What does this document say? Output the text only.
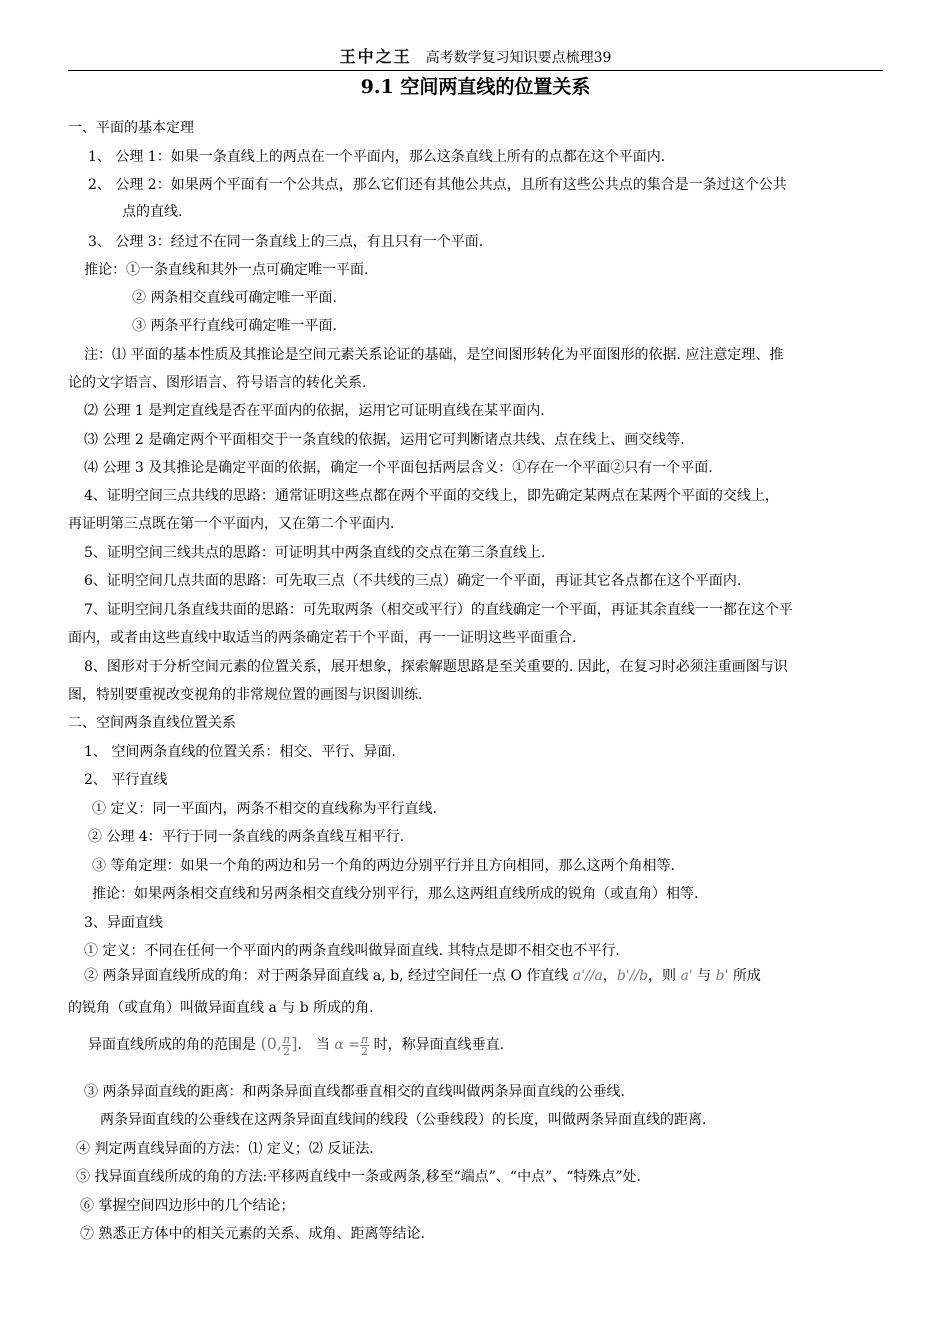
王中之王 高考数学复习知识要点梳理39
9.1 空间两直线的位置关系
一、平面的基本定理
1、 公理 1：如果一条直线上的两点在一个平面内，那么这条直线上所有的点都在这个平面内.
2、 公理 2：如果两个平面有一个公共点，那么它们还有其他公共点，且所有这些公共点的集合是一条过这个公共
点的直线.
3、 公理 3：经过不在同一条直线上的三点，有且只有一个平面.
推论：①一条直线和其外一点可确定唯一平面.
② 两条相交直线可确定唯一平面.
③ 两条平行直线可确定唯一平面.
注：⑴ 平面的基本性质及其推论是空间元素关系论证的基础，是空间图形转化为平面图形的依据. 应注意定理、推
论的文字语言、图形语言、符号语言的转化关系.
⑵ 公理 1 是判定直线是否在平面内的依据，运用它可证明直线在某平面内.
⑶ 公理 2 是确定两个平面相交于一条直线的依据，运用它可判断诸点共线、点在线上、画交线等.
⑷ 公理 3 及其推论是确定平面的依据，确定一个平面包括两层含义：①存在一个平面②只有一个平面.
4、证明空间三点共线的思路：通常证明这些点都在两个平面的交线上，即先确定某两点在某两个平面的交线上，
再证明第三点既在第一个平面内，又在第二个平面内.
5、证明空间三线共点的思路：可证明其中两条直线的交点在第三条直线上.
6、证明空间几点共面的思路：可先取三点（不共线的三点）确定一个平面，再证其它各点都在这个平面内.
7、证明空间几条直线共面的思路：可先取两条（相交或平行）的直线确定一个平面，再证其余直线一一都在这个平
面内，或者由这些直线中取适当的两条确定若干个平面，再一一证明这些平面重合.
8、图形对于分析空间元素的位置关系，展开想象，探索解题思路是至关重要的. 因此，在复习时必须注重画图与识
图，特别要重视改变视角的非常规位置的画图与识图训练.
二、空间两条直线位置关系
1、 空间两条直线的位置关系：相交、平行、异面.
2、 平行直线
① 定义：同一平面内，两条不相交的直线称为平行直线.
② 公理 4：平行于同一条直线的两条直线互相平行.
③ 等角定理：如果一个角的两边和另一个角的两边分别平行并且方向相同，那么这两个角相等.
推论：如果两条相交直线和另两条相交直线分别平行，那么这两组直线所成的锐角（或直角）相等.
3、异面直线
① 定义：不同在任何一个平面内的两条直线叫做异面直线. 其特点是即不相交也不平行.
的锐角（或直角）叫做异面直线 a 与 b 所成的角.
③ 两条异面直线的距离：和两条异面直线都垂直相交的直线叫做两条异面直线的公垂线.
两条异面直线的公垂线在这两条异面直线间的线段（公垂线段）的长度，叫做两条异面直线的距离.
④ 判定两直线异面的方法：⑴ 定义；⑵ 反证法.
⑤ 找异面直线所成的角的方法:平移两直线中一条或两条,移至“端点”、“中点”、“特殊点”处.
⑥ 掌握空间四边形中的几个结论；
⑦ 熟悉正方体中的相关元素的关系、成角、距离等结论.
② 两条异面直线所成的角：对于两条异面直线 a, b, 经过空间任一点 O 作直线 a'//a，b'//b，则 a' 与 b' 所成
异面直线所成的角的范围是 (0, $\frac{\pi}{2}$ ]． 当 $\alpha = \frac{\pi}{2}$ 时，称异面直线垂直.
